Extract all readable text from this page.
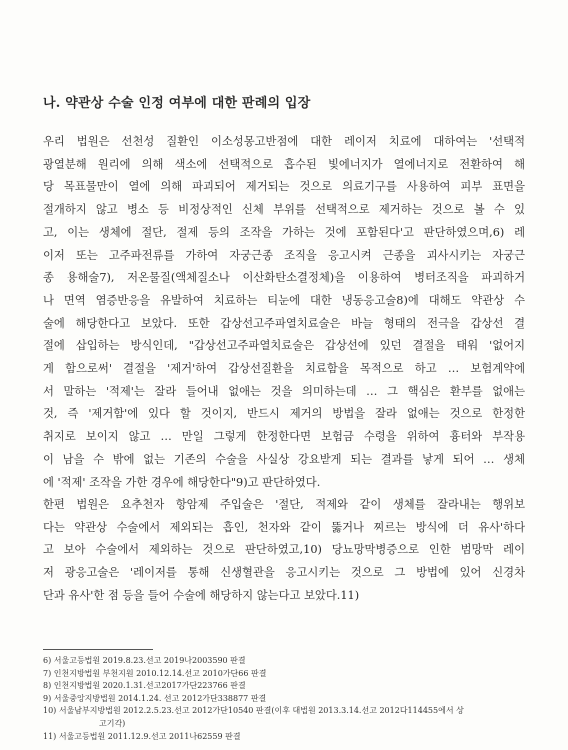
나. 약관상 수술 인정 여부에 대한 판례의 입장
우리 법원은 선천성 질환인 이소성몽고반점에 대한 레이저 치료에 대하여는 '선택적
광열분해 원리에 의해 색소에 선택적으로 흡수된 빛에너지가 열에너지로 전환하여 해
당 목표물만이 열에 의해 파괴되어 제거되는 것으로 의료기구를 사용하여 피부 표면을
절개하지 않고 병소 등 비정상적인 신체 부위를 선택적으로 제거하는 것으로 볼 수 있
고, 이는 생체에 절단, 절제 등의 조작을 가하는 것에 포함된다'고 판단하였으며,6) 레
이저 또는 고주파전류를 가하여 자궁근종 조직을 응고시켜 근종을 괴사시키는 자궁근
종 용해술7), 저온물질(액체질소나 이산화탄소결정체)을 이용하여 병터조직을 파괴하거
나 면역 염증반응을 유발하여 치료하는 티눈에 대한 냉동응고술8)에 대해도 약관상 수
술에 해당한다고 보았다. 또한 갑상선고주파열치료술은 바늘 형태의 전극을 갑상선 결
절에 삽입하는 방식인데, "갑상선고주파열치료술은 갑상선에 있던 결절을 태워 '없어지
게 함으로써' 결절을 '제거'하여 갑상선질환을 치료함을 목적으로 하고 … 보험계약에
서 말하는 '적제'는 잘라 들어내 없애는 것을 의미하는데 … 그 핵심은 환부를 없애는
것, 즉 '제거함'에 있다 할 것이지, 반드시 제거의 방법을 잘라 없애는 것으로 한정한
취지로 보이지 않고 … 만일 그렇게 한정한다면 보험금 수령을 위하여 흉터와 부작용
이 남을 수 밖에 없는 기존의 수술을 사실상 강요받게 되는 결과를 낳게 되어 … 생체
에 '적제' 조작을 가한 경우에 해당한다"9)고 판단하였다.
한편 법원은 요추천자 항암제 주입술은 '절단, 적제와 같이 생체를 잘라내는 행위보
다는 약관상 수술에서 제외되는 흡인, 천자와 같이 뚫거나 찌르는 방식에 더 유사'하다
고 보아 수술에서 제외하는 것으로 판단하였고,10) 당뇨망막병증으로 인한 범망막 레이
저 광응고술은 '레이저를 통해 신생혈관을 응고시키는 것으로 그 방법에 있어 신경차
단과 유사'한 점 등을 들어 수술에 해당하지 않는다고 보았다.11)
6) 서울고등법원 2019.8.23.선고 2019나2003590 판결
7) 인천지방법원 부천지원 2010.12.14.선고 2010가단66 판결
8) 인천지방법원 2020.1.31.선고2017가단223766 판결
9) 서울중앙지방법원 2014.1.24. 선고 2012가단338877 판결
10) 서울남부지방법원 2012.2.5.23.선고 2012가단10540 판결(이후 대법원 2013.3.14.선고 2012다114455에서 상
고기각)
11) 서울고등법원 2011.12.9.선고 2011나62559 판결
